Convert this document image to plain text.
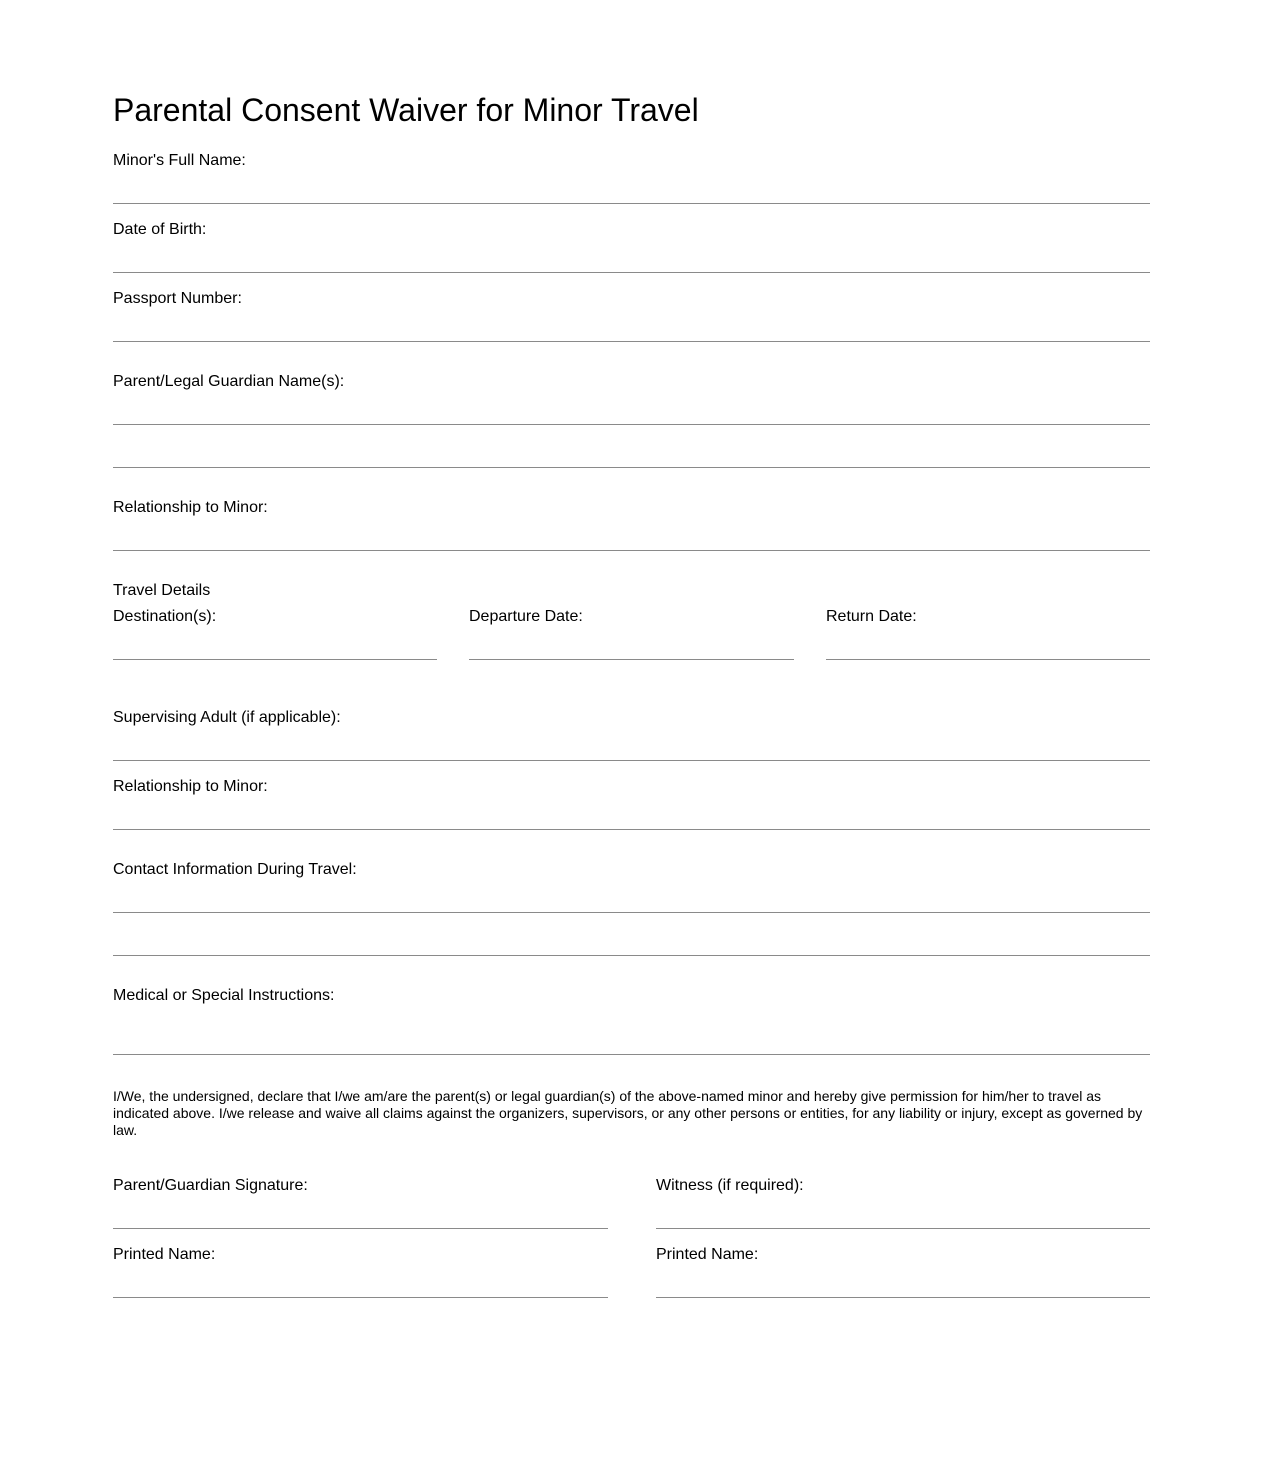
Parental Consent Waiver for Minor Travel
Minor's Full Name:
Date of Birth:
Passport Number:
Parent/Legal Guardian Name(s):
Relationship to Minor:
Travel Details
Destination(s):	Departure Date:	Return Date:
Supervising Adult (if applicable):
Relationship to Minor:
Contact Information During Travel:
Medical or Special Instructions:

I/We, the undersigned, declare that I/we am/are the parent(s) or legal guardian(s) of the above-named minor and hereby give permission for him/her to travel as indicated above. I/we release and waive all claims against the organizers, supervisors, or any other persons or entities, for any liability or injury, except as governed by law.

Parent/Guardian Signature:	Witness (if required):
Printed Name:	Printed Name:
